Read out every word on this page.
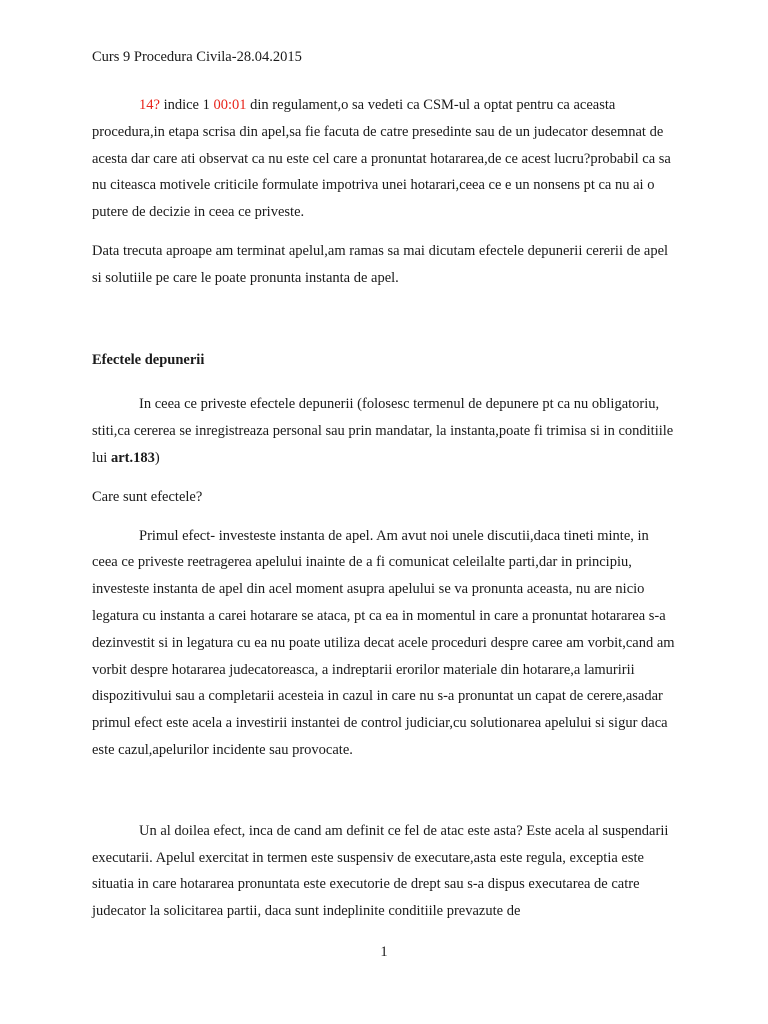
Curs 9 Procedura Civila-28.04.2015

14? indice 1 00:01 din regulament,o sa vedeti ca CSM-ul a optat pentru ca aceasta procedura,in etapa scrisa din apel,sa fie facuta de catre presedinte sau de un judecator desemnat de acesta dar care ati observat ca nu este cel care a pronuntat hotararea,de ce acest lucru?probabil ca sa nu citeasca motivele criticile formulate impotriva unei hotarari,ceea ce e un nonsens pt ca nu ai o putere de decizie in ceea ce priveste.

Data trecuta aproape am terminat apelul,am ramas sa mai dicutam efectele depunerii cererii de apel si solutiile pe care le poate pronunta instanta de apel.

Efectele depunerii

In ceea ce priveste efectele depunerii (folosesc termenul de depunere pt ca nu obligatoriu, stiti,ca cererea se inregistreaza personal sau prin mandatar, la instanta,poate fi trimisa si in conditiile lui art.183)

Care sunt efectele?

Primul efect- investeste instanta de apel. Am avut noi unele discutii,daca tineti minte, in ceea ce priveste reetragerea apelului inainte de a fi comunicat celeilalte parti,dar in principiu, investeste instanta de apel din acel moment asupra apelului se va pronunta aceasta, nu are nicio legatura cu instanta a carei hotarare se ataca, pt ca ea in momentul in care a pronuntat hotararea s-a dezinvestit si in legatura cu ea nu poate utiliza decat acele proceduri despre caree am vorbit,cand am vorbit despre hotararea judecatoreasca, a indreptarii erorilor materiale din hotarare,a lamuririi dispozitivului sau a completarii acesteia in cazul in care nu s-a pronuntat un capat de cerere,asadar primul efect este acela a investirii instantei de control judiciar,cu solutionarea apelului si sigur daca este cazul,apelurilor incidente sau provocate.

Un al doilea efect, inca de cand am definit ce fel de atac este asta? Este acela al suspendarii executarii. Apelul exercitat in termen este suspensiv de executare,asta este regula, exceptia este situatia in care hotararea pronuntata este executorie de drept sau s-a dispus executarea de catre judecator la solicitarea partii, daca sunt indeplinite conditiile prevazute de

1
